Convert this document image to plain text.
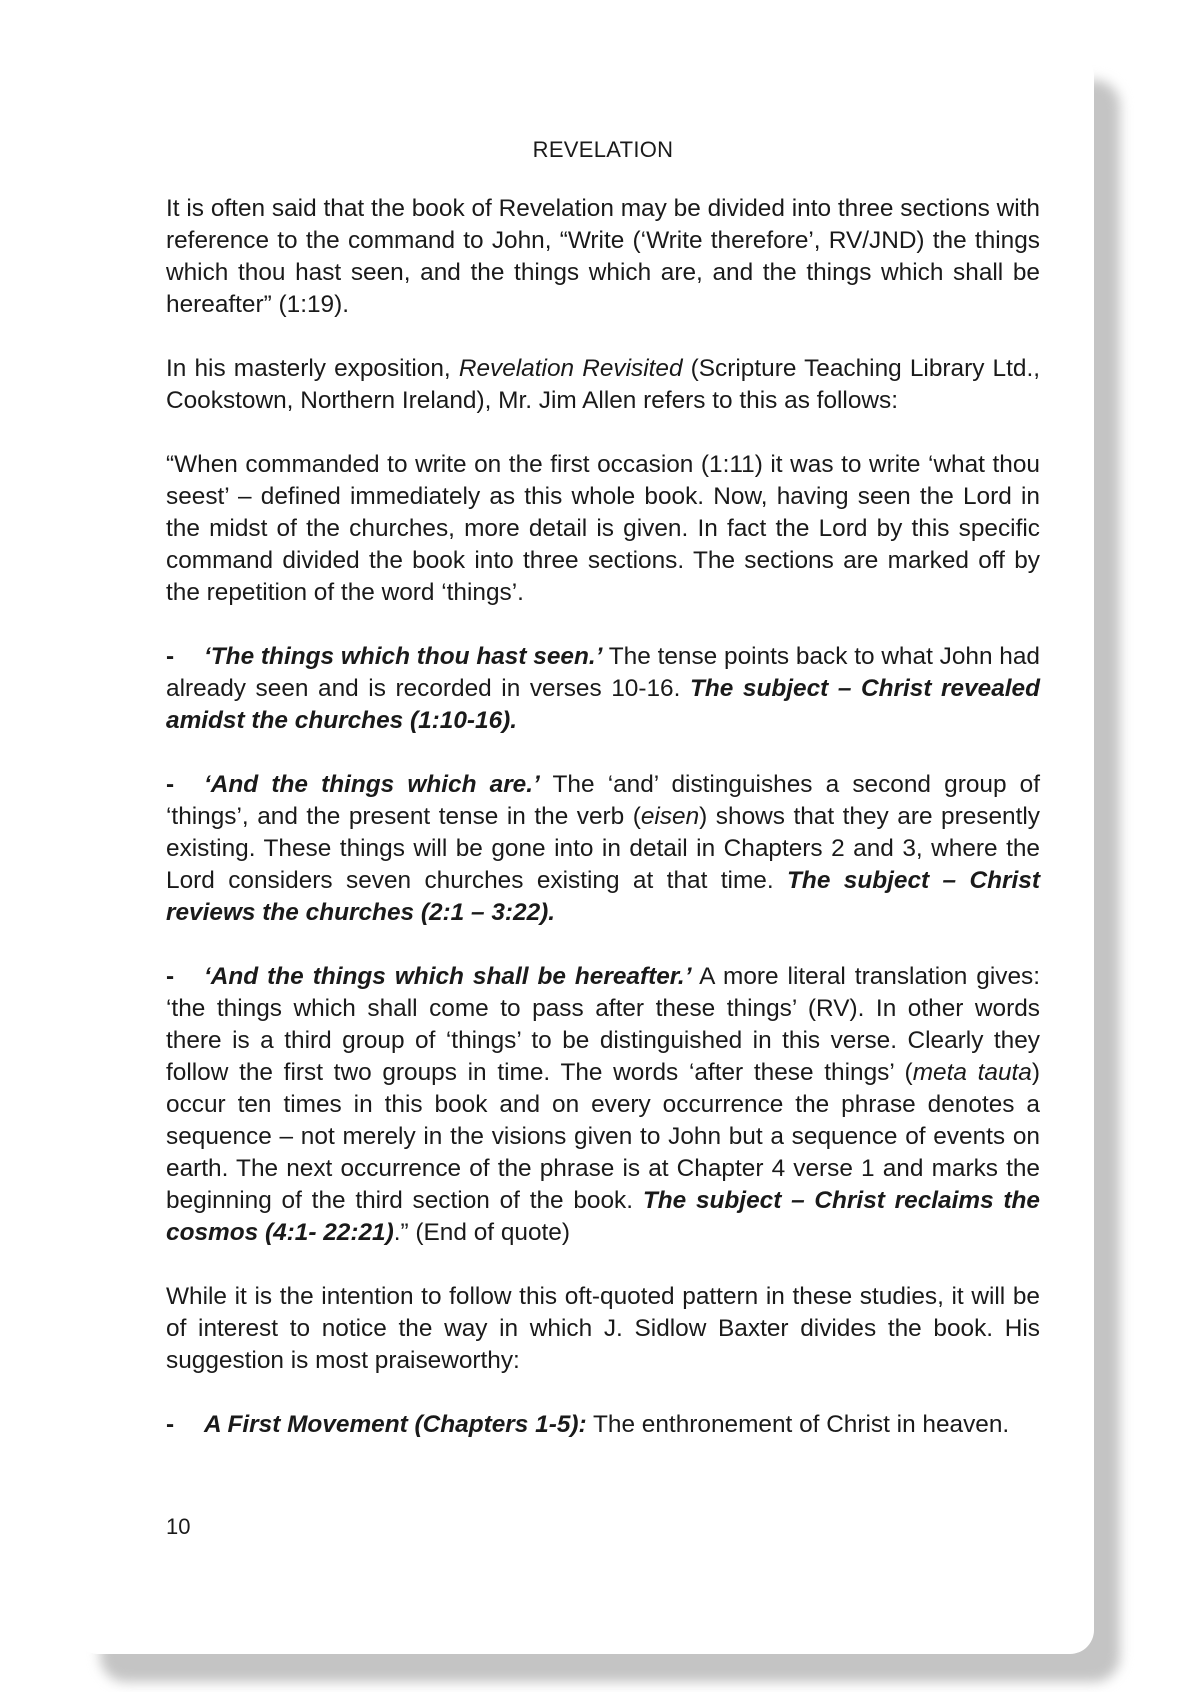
REVELATION

It is often said that the book of Revelation may be divided into three sections with reference to the command to John, “Write (‘Write therefore’, RV/JND) the things which thou hast seen, and the things which are, and the things which shall be hereafter” (1:19).

In his masterly exposition, Revelation Revisited (Scripture Teaching Library Ltd., Cookstown, Northern Ireland), Mr. Jim Allen refers to this as follows:

“When commanded to write on the first occasion (1:11) it was to write ‘what thou seest’ – defined immediately as this whole book. Now, having seen the Lord in the midst of the churches, more detail is given. In fact the Lord by this specific command divided the book into three sections. The sections are marked off by the repetition of the word ‘things’.

- ‘The things which thou hast seen.’ The tense points back to what John had already seen and is recorded in verses 10-16. The subject – Christ revealed amidst the churches (1:10-16).

- ‘And the things which are.’ The ‘and’ distinguishes a second group of ‘things’, and the present tense in the verb (eisen) shows that they are presently existing. These things will be gone into in detail in Chapters 2 and 3, where the Lord considers seven churches existing at that time. The subject – Christ reviews the churches (2:1 – 3:22).

- ‘And the things which shall be hereafter.’ A more literal translation gives: ‘the things which shall come to pass after these things’ (RV). In other words there is a third group of ‘things’ to be distinguished in this verse. Clearly they follow the first two groups in time. The words ‘after these things’ (meta tauta) occur ten times in this book and on every occurrence the phrase denotes a sequence – not merely in the visions given to John but a sequence of events on earth. The next occurrence of the phrase is at Chapter 4 verse 1 and marks the beginning of the third section of the book. The subject – Christ reclaims the cosmos (4:1- 22:21).” (End of quote)

While it is the intention to follow this oft-quoted pattern in these studies, it will be of interest to notice the way in which J. Sidlow Baxter divides the book. His suggestion is most praiseworthy:

- A First Movement (Chapters 1-5): The enthronement of Christ in heaven.

10
